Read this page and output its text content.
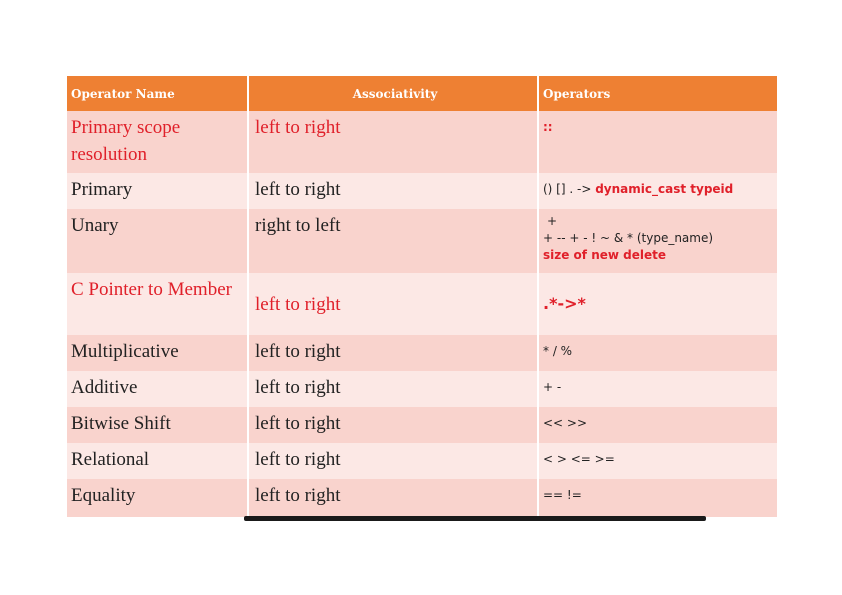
Operator Name	Associativity	Operators
Primary scope resolution	left to right	::
Primary	left to right	() [] . -> dynamic_cast typeid
Unary	right to left	+
+ -- + - ! ~ & * (type_name)
size of new delete

C Pointer to Member	left to right	.*->*
Multiplicative	left to right	* / %
Additive	left to right	+ -
Bitwise Shift	left to right	<< >>
Relational	left to right	< > <= >=
Equality	left to right	== !=
